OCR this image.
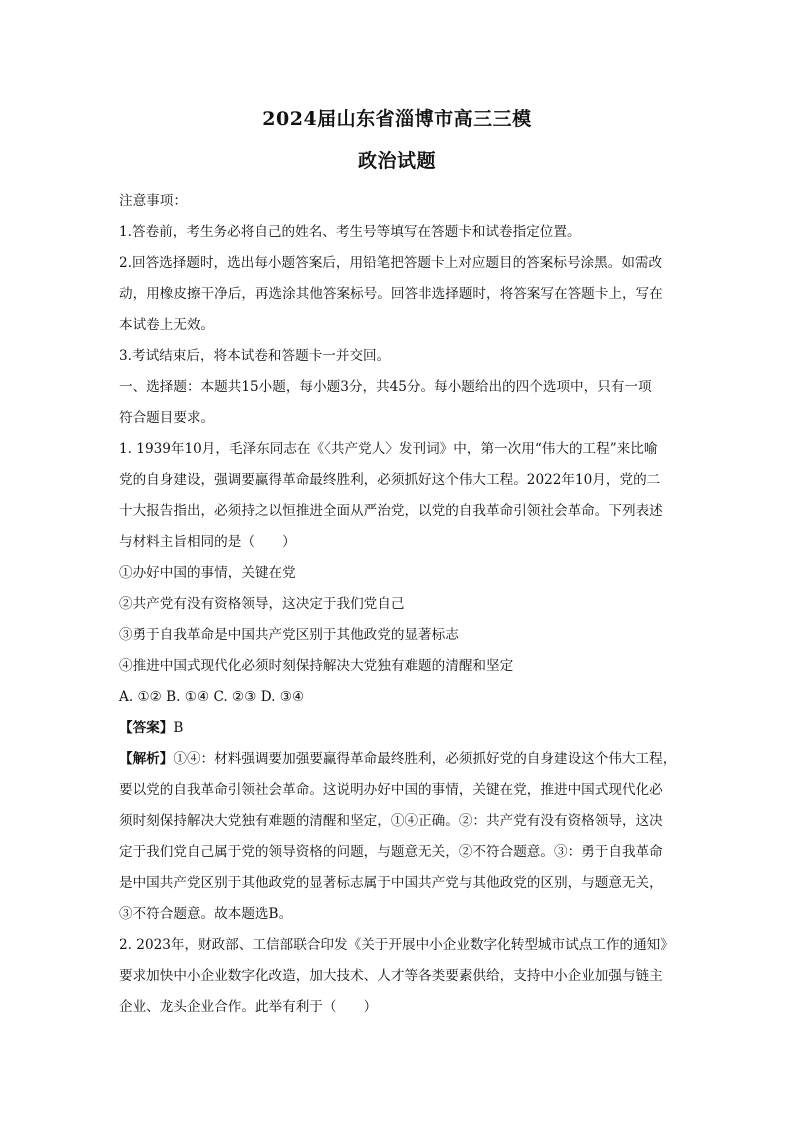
2024届山东省淄博市高三三模
政治试题
注意事项：
1.答卷前，考生务必将自己的姓名、考生号等填写在答题卡和试卷指定位置。
2.回答选择题时，选出每小题答案后，用铅笔把答题卡上对应题目的答案标号涂黑。如需改
动，用橡皮擦干净后，再选涂其他答案标号。回答非选择题时，将答案写在答题卡上，写在
本试卷上无效。
3.考试结束后，将本试卷和答题卡一并交回。
一、选择题：本题共15小题，每小题3分，共45分。每小题给出的四个选项中，只有一项
符合题目要求。
1. 1939年10月，毛泽东同志在《〈共产党人〉发刊词》中，第一次用“伟大的工程”来比喻
党的自身建设，强调要赢得革命最终胜利，必须抓好这个伟大工程。2022年10月，党的二
十大报告指出，必须持之以恒推进全面从严治党，以党的自我革命引领社会革命。下列表述
与材料主旨相同的是（　　）
①办好中国的事情，关键在党
②共产党有没有资格领导，这决定于我们党自己
③勇于自我革命是中国共产党区别于其他政党的显著标志
④推进中国式现代化必须时刻保持解决大党独有难题的清醒和坚定
A. ①② B. ①④ C. ②③ D. ③④
【答案】B
【解析】①④：材料强调要加强要赢得革命最终胜利，必须抓好党的自身建设这个伟大工程，
要以党的自我革命引领社会革命。这说明办好中国的事情，关键在党，推进中国式现代化必
须时刻保持解决大党独有难题的清醒和坚定，①④正确。②：共产党有没有资格领导，这决
定于我们党自己属于党的领导资格的问题，与题意无关，②不符合题意。③：勇于自我革命
是中国共产党区别于其他政党的显著标志属于中国共产党与其他政党的区别，与题意无关，
③不符合题意。故本题选B。
2. 2023年，财政部、工信部联合印发《关于开展中小企业数字化转型城市试点工作的通知》
要求加快中小企业数字化改造，加大技术、人才等各类要素供给，支持中小企业加强与链主
企业、龙头企业合作。此举有利于（　　）
